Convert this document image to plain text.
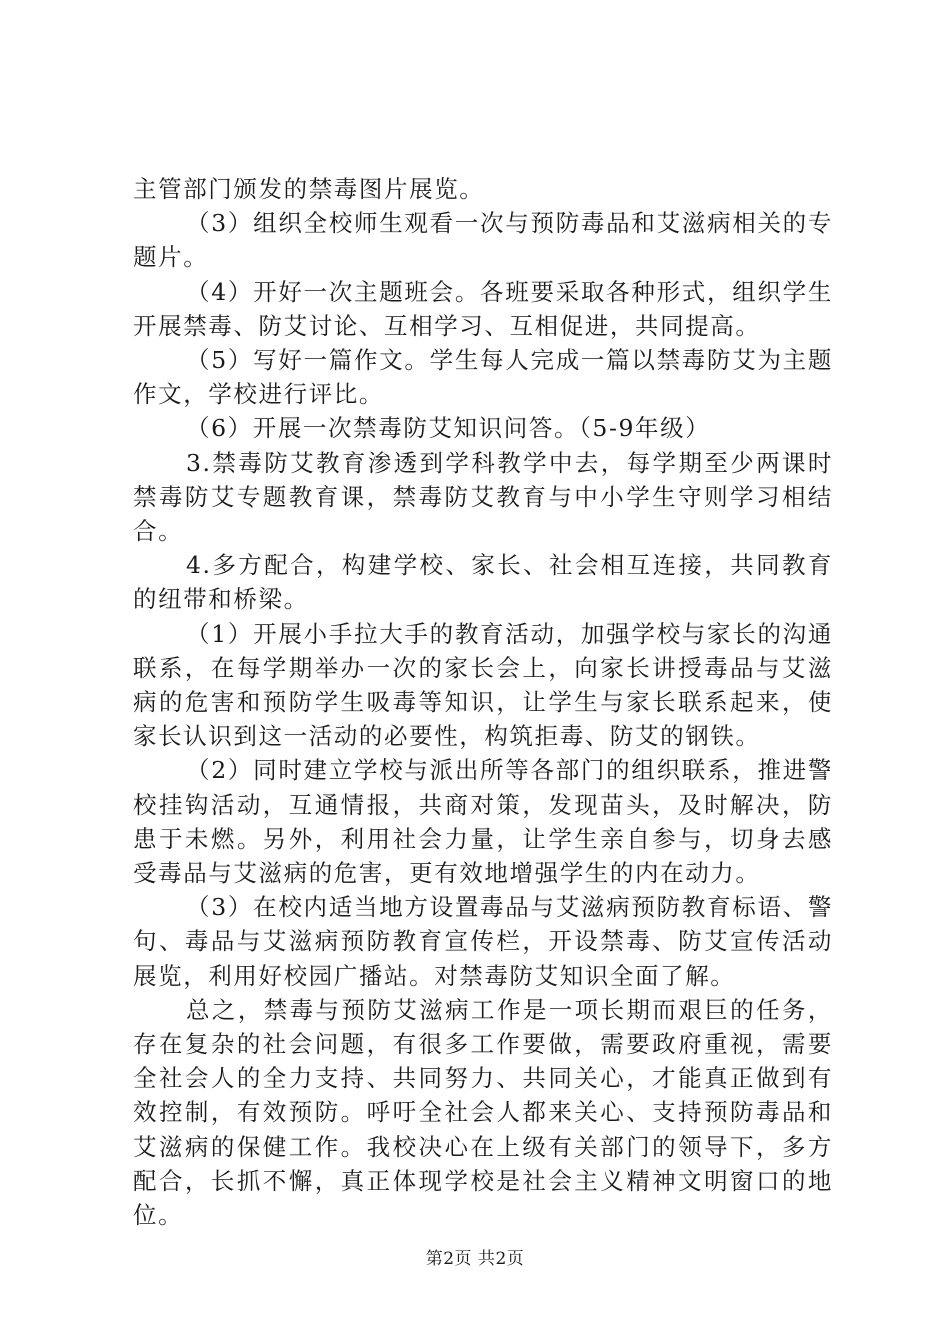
主管部门颁发的禁毒图片展览。

（3）组织全校师生观看一次与预防毒品和艾滋病相关的专题片。

（4）开好一次主题班会。各班要采取各种形式，组织学生开展禁毒、防艾讨论、互相学习、互相促进，共同提高。

（5）写好一篇作文。学生每人完成一篇以禁毒防艾为主题作文，学校进行评比。

（6）开展一次禁毒防艾知识问答。（5-9年级）

3.禁毒防艾教育渗透到学科教学中去，每学期至少两课时禁毒防艾专题教育课，禁毒防艾教育与中小学生守则学习相结合。

4.多方配合，构建学校、家长、社会相互连接，共同教育的纽带和桥梁。

（1）开展小手拉大手的教育活动，加强学校与家长的沟通联系，在每学期举办一次的家长会上，向家长讲授毒品与艾滋病的危害和预防学生吸毒等知识，让学生与家长联系起来，使家长认识到这一活动的必要性，构筑拒毒、防艾的钢铁。

（2）同时建立学校与派出所等各部门的组织联系，推进警校挂钩活动，互通情报，共商对策，发现苗头，及时解决，防患于未燃。另外，利用社会力量，让学生亲自参与，切身去感受毒品与艾滋病的危害，更有效地增强学生的内在动力。

（3）在校内适当地方设置毒品与艾滋病预防教育标语、警句、毒品与艾滋病预防教育宣传栏，开设禁毒、防艾宣传活动展览，利用好校园广播站。对禁毒防艾知识全面了解。

总之，禁毒与预防艾滋病工作是一项长期而艰巨的任务，存在复杂的社会问题，有很多工作要做，需要政府重视，需要全社会人的全力支持、共同努力、共同关心，才能真正做到有效控制，有效预防。呼吁全社会人都来关心、支持预防毒品和艾滋病的保健工作。我校决心在上级有关部门的领导下，多方配合，长抓不懈，真正体现学校是社会主义精神文明窗口的地位。

第2页 共2页
